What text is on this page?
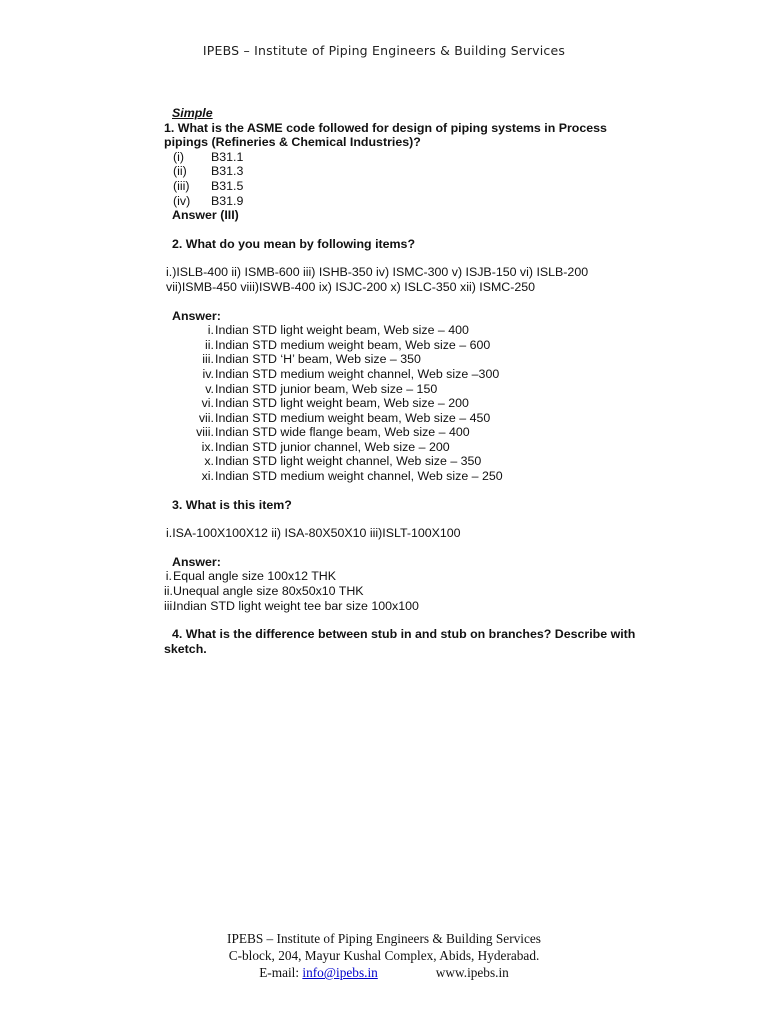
IPEBS – Institute of Piping Engineers & Building Services
Simple
1. What is the ASME code followed for design of piping systems in Process
pipings (Refineries & Chemical Industries)?
(i)	B31.1
(ii)	B31.3
(iii)	B31.5
(iv)	B31.9
Answer (III)
2. What do you mean by following items?
i.)ISLB-400 ii) ISMB-600 iii) ISHB-350 iv) ISMC-300 v) ISJB-150 vi) ISLB-200
vii)ISMB-450 viii)ISWB-400 ix) ISJC-200 x) ISLC-350 xii) ISMC-250
Answer:
i. Indian STD light weight beam, Web size – 400
ii. Indian STD medium weight beam, Web size – 600
iii. Indian STD ‘H’ beam, Web size – 350
iv. Indian STD medium weight channel, Web size –300
v. Indian STD junior beam, Web size – 150
vi. Indian STD light weight beam, Web size – 200
vii. Indian STD medium weight beam, Web size – 450
viii. Indian STD wide flange beam, Web size – 400
ix. Indian STD junior channel, Web size – 200
x. Indian STD light weight channel, Web size – 350
xi. Indian STD medium weight channel, Web size – 250
3. What is this item?
i.ISA-100X100X12 ii) ISA-80X50X10 iii)ISLT-100X100
Answer:
i. Equal angle size 100x12 THK
ii. Unequal angle size 80x50x10 THK
iii.
Indian STD light weight tee bar size 100x100
4. What is the difference between stub in and stub on branches? Describe with
sketch.
IPEBS – Institute of Piping Engineers & Building Services
C-block, 204, Mayur Kushal Complex, Abids, Hyderabad.
E-mail: info@ipebs.in	www.ipebs.in
